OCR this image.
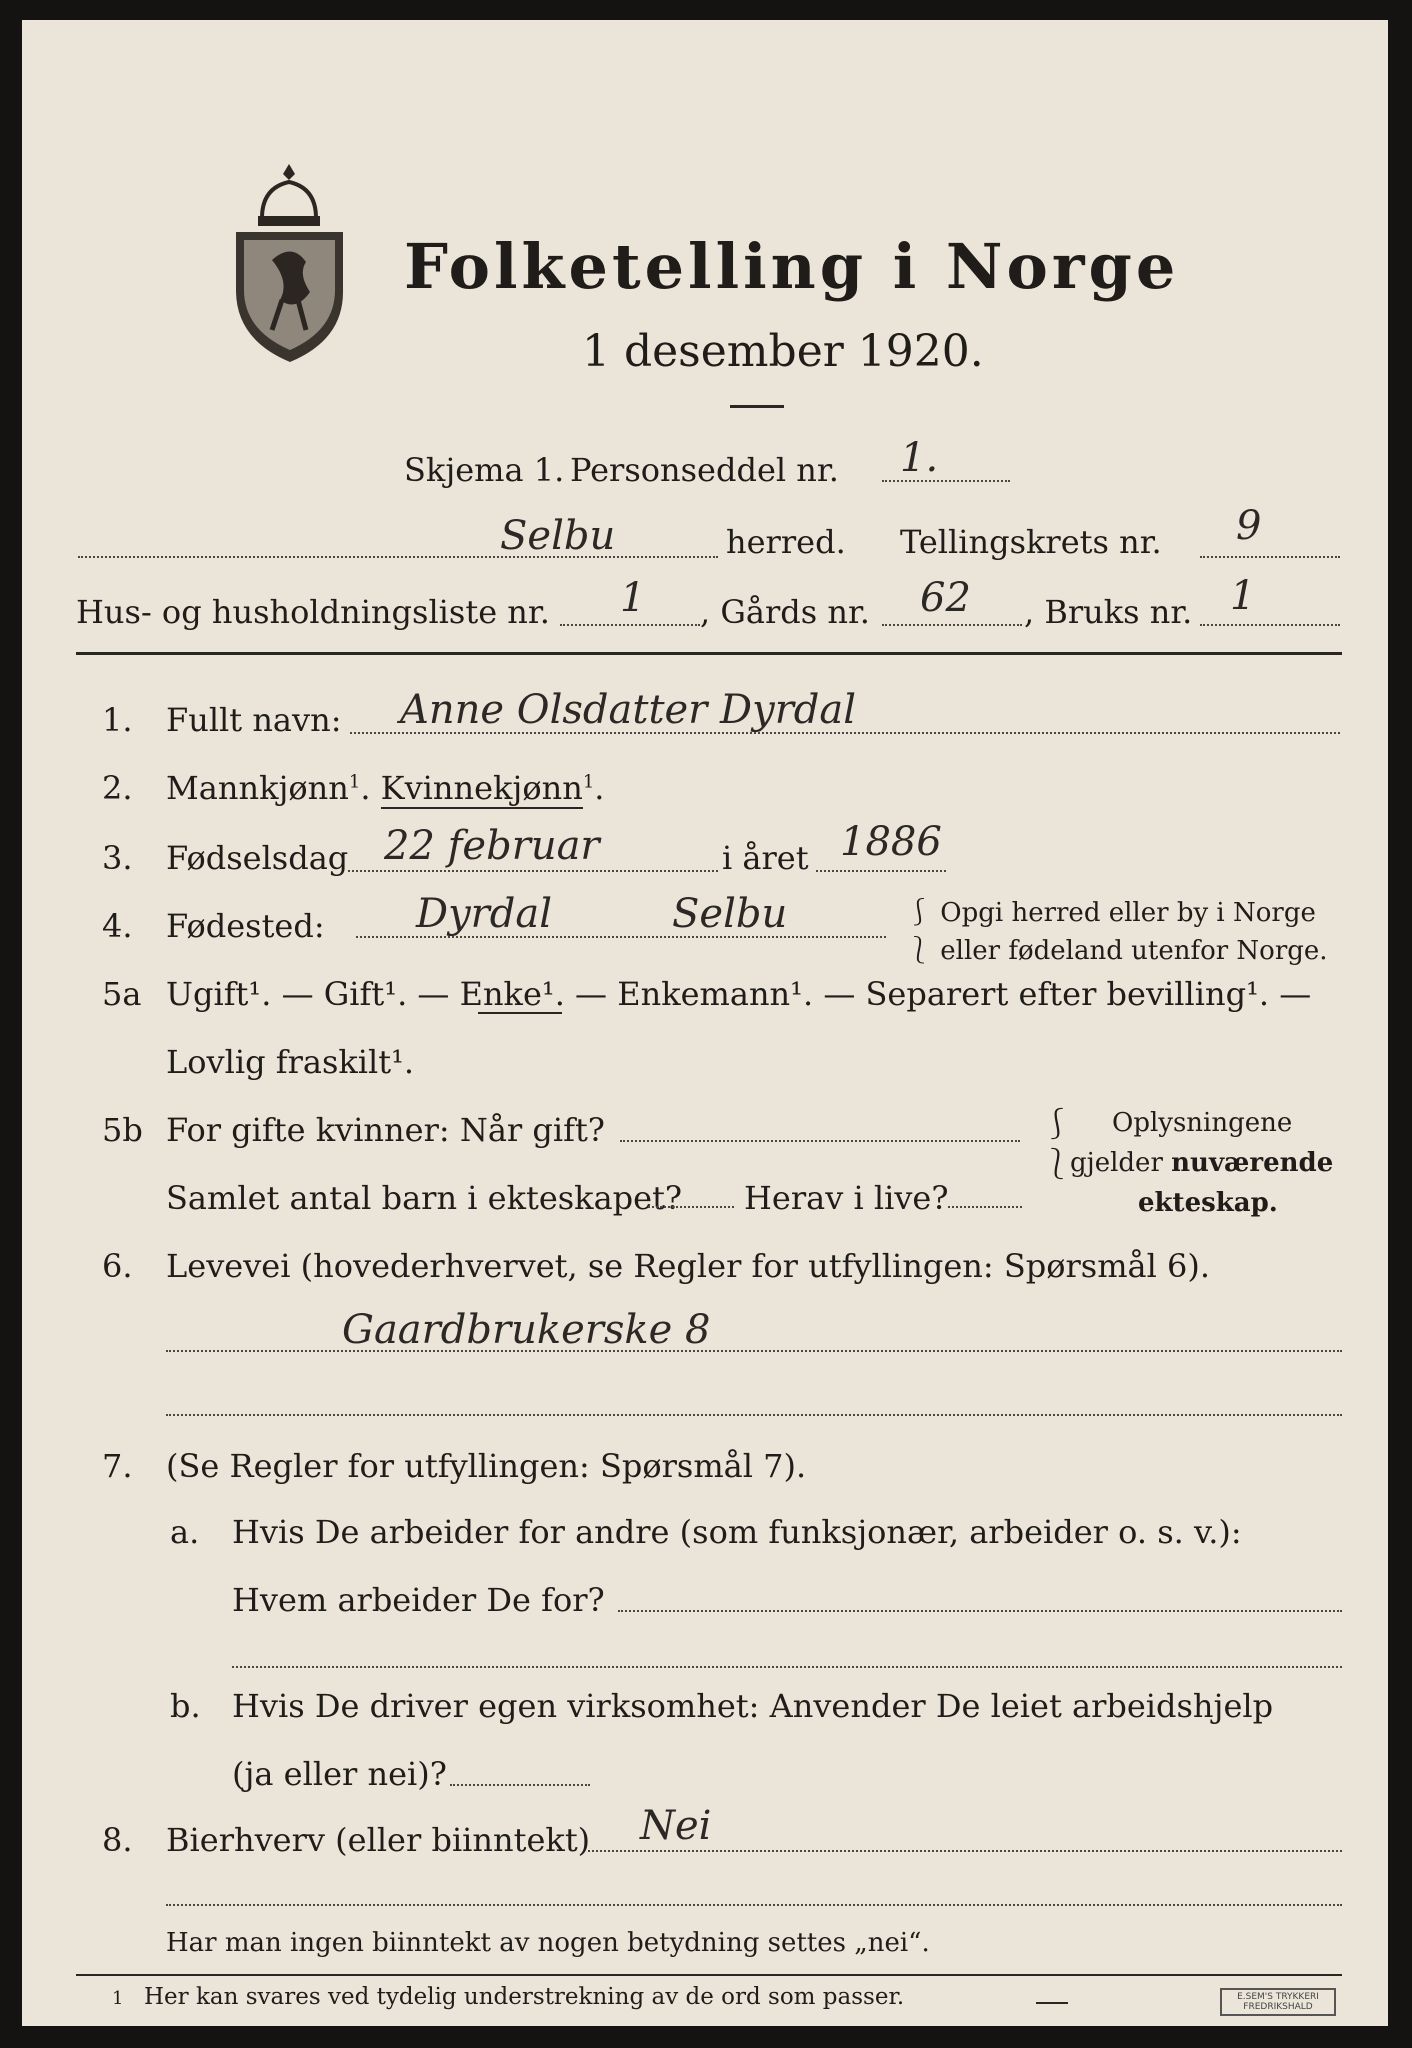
Folketelling i Norge
1 desember 1920.
Skjema 1. Personseddel nr. 1.
Selbu	herred. Tellingskrets nr. 9
Hus- og husholdningsliste nr. 1 , Gårds nr. 62 , Bruks nr. 1
1. Fullt navn: Anne Olsdatter Dyrdal
2. Mannkjønn$^1$. Kvinnekjønn$^1$.
3. Fødselsdag 22 februar	i året 1886
4. Fødested: Dyrdal	Selbu	⎰ Opgi herred eller by i Norge
⎱ eller fødeland utenfor Norge.
5a Ugift¹. — Gift¹. — Enke¹. — Enkemann¹. — Separert efter bevilling¹. —
Lovlig fraskilt¹.
5b For gifte kvinner: Når gift?
Samlet antal barn i ekteskapet? Herav i live?
⎰
⎱
Oplysningene
gjelder nuværende
ekteskap.
6. Levevei (hovederhvervet, se Regler for utfyllingen: Spørsmål 6).
Gaardbrukerske 8
7. (Se Regler for utfyllingen: Spørsmål 7).
a. Hvis De arbeider for andre (som funksjonær, arbeider o. s. v.):
Hvem arbeider De for?
b. Hvis De driver egen virksomhet: Anvender De leiet arbeidshjelp
(ja eller nei)?
8. Bierhverv (eller biinntekt) Nei
Har man ingen biinntekt av nogen betydning settes „nei“.
1 Her kan svares ved tydelig understrekning av de ord som passer.	E.SEM'S TRYKKERI FREDRIKSHALD
